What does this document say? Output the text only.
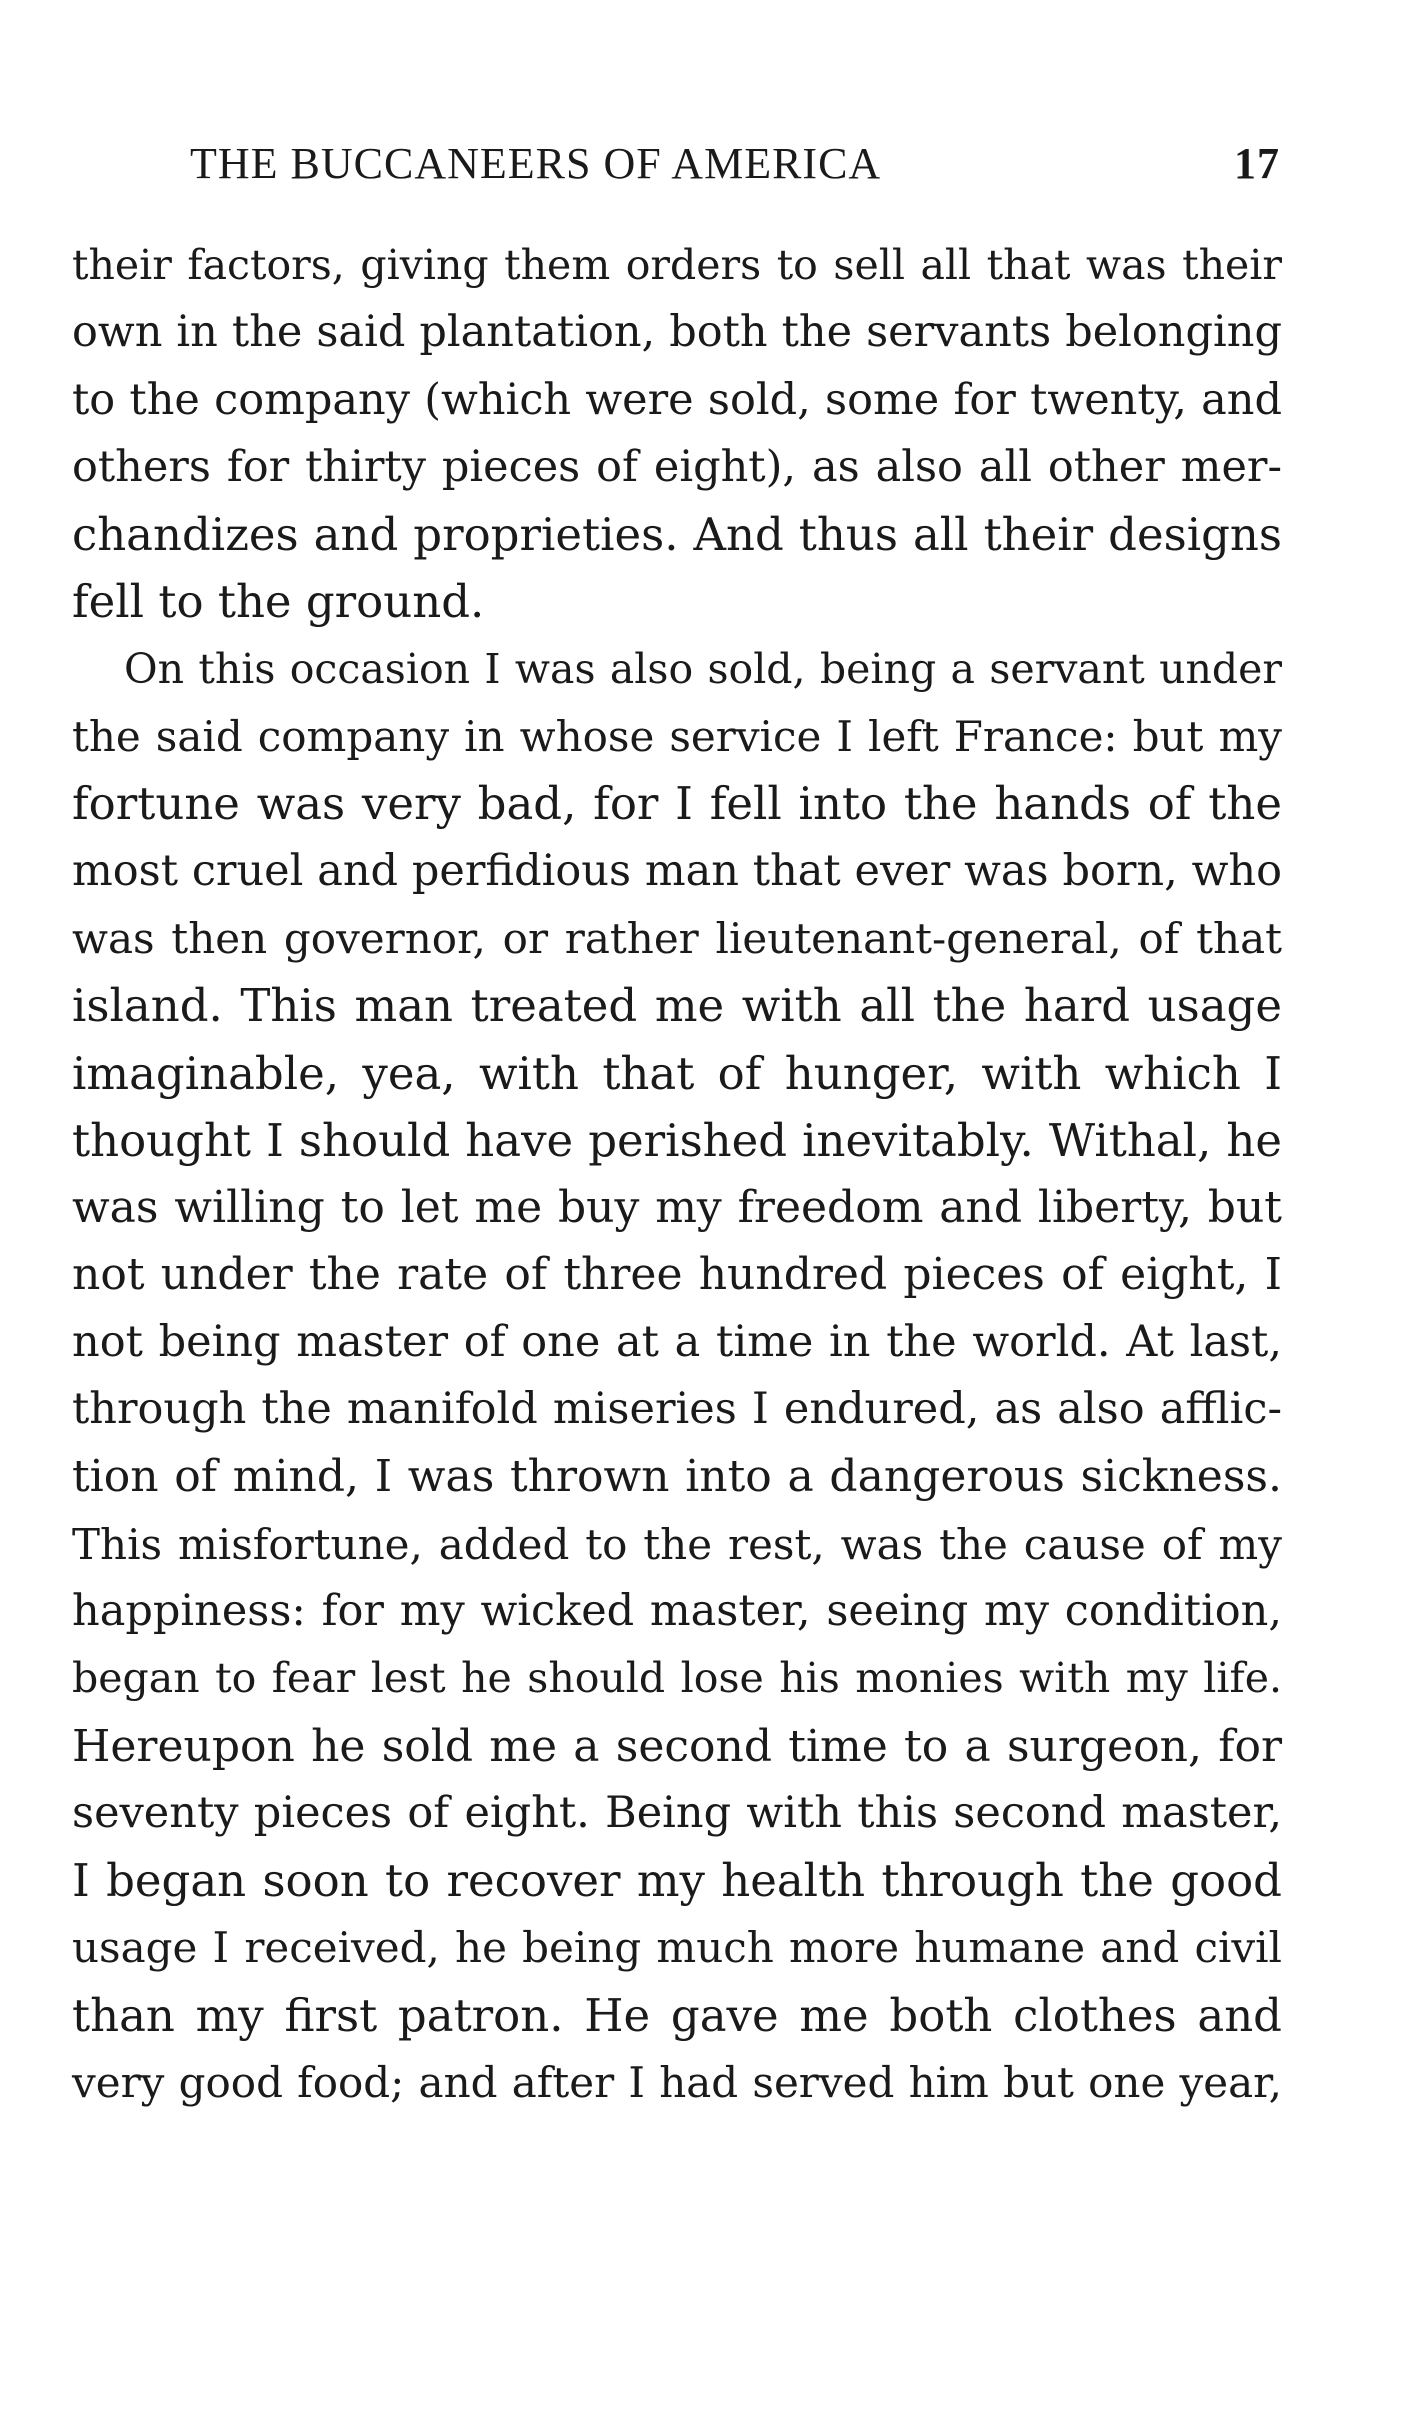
THE BUCCANEERS OF AMERICA	17
their factors, giving them orders to sell all that was their
own in the said plantation, both the servants belonging
to the company (which were sold, some for twenty, and
others for thirty pieces of eight), as also all other mer-
chandizes and proprieties. And thus all their designs
fell to the ground.
On this occasion I was also sold, being a servant under
the said company in whose service I left France: but my
fortune was very bad, for I fell into the hands of the
most cruel and perfidious man that ever was born, who
was then governor, or rather lieutenant-general, of that
island. This man treated me with all the hard usage
imaginable, yea, with that of hunger, with which I
thought I should have perished inevitably. Withal, he
was willing to let me buy my freedom and liberty, but
not under the rate of three hundred pieces of eight, I
not being master of one at a time in the world. At last,
through the manifold miseries I endured, as also afflic-
tion of mind, I was thrown into a dangerous sickness.
This misfortune, added to the rest, was the cause of my
happiness: for my wicked master, seeing my condition,
began to fear lest he should lose his monies with my life.
Hereupon he sold me a second time to a surgeon, for
seventy pieces of eight. Being with this second master,
I began soon to recover my health through the good
usage I received, he being much more humane and civil
than my first patron. He gave me both clothes and
very good food; and after I had served him but one year,
